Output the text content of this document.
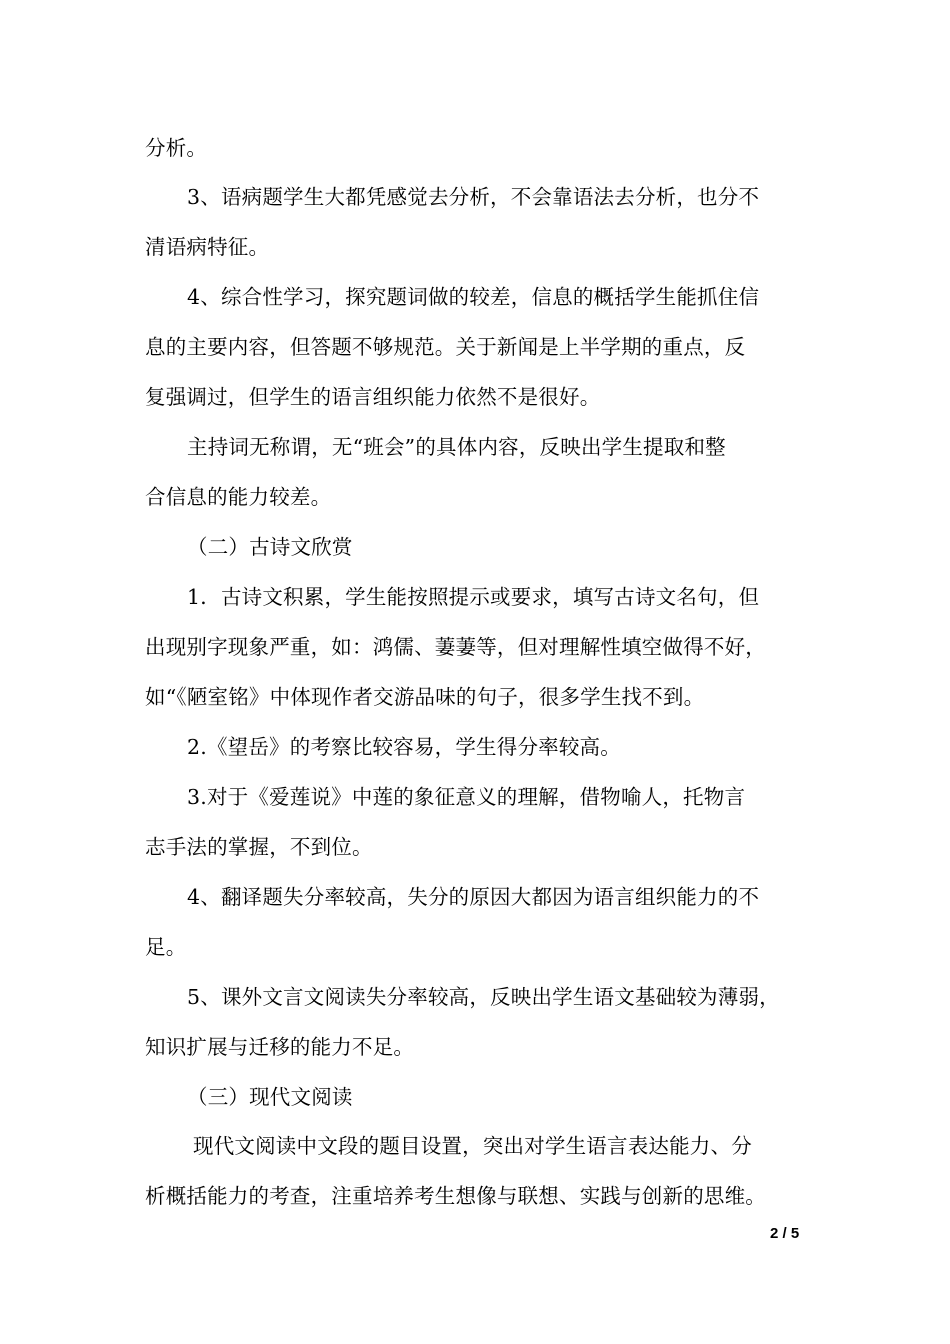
分析。
3、语病题学生大都凭感觉去分析，不会靠语法去分析，也分不
清语病特征。
4、综合性学习，探究题词做的较差，信息的概括学生能抓住信
息的主要内容，但答题不够规范。关于新闻是上半学期的重点，反
复强调过，但学生的语言组织能力依然不是很好。
主持词无称谓，无“班会”的具体内容，反映出学生提取和整
合信息的能力较差。
（二）古诗文欣赏
1．古诗文积累，学生能按照提示或要求，填写古诗文名句，但
出现别字现象严重，如：鸿儒、萋萋等，但对理解性填空做得不好，
如“《陋室铭》中体现作者交游品味的句子，很多学生找不到。
2.《望岳》的考察比较容易，学生得分率较高。
3.对于《爱莲说》中莲的象征意义的理解，借物喻人，托物言
志手法的掌握，不到位。
4、翻译题失分率较高，失分的原因大都因为语言组织能力的不
足。
5、课外文言文阅读失分率较高，反映出学生语文基础较为薄弱，
知识扩展与迁移的能力不足。
（三）现代文阅读
现代文阅读中文段的题目设置，突出对学生语言表达能力、分
析概括能力的考查，注重培养考生想像与联想、实践与创新的思维。
2 / 5
